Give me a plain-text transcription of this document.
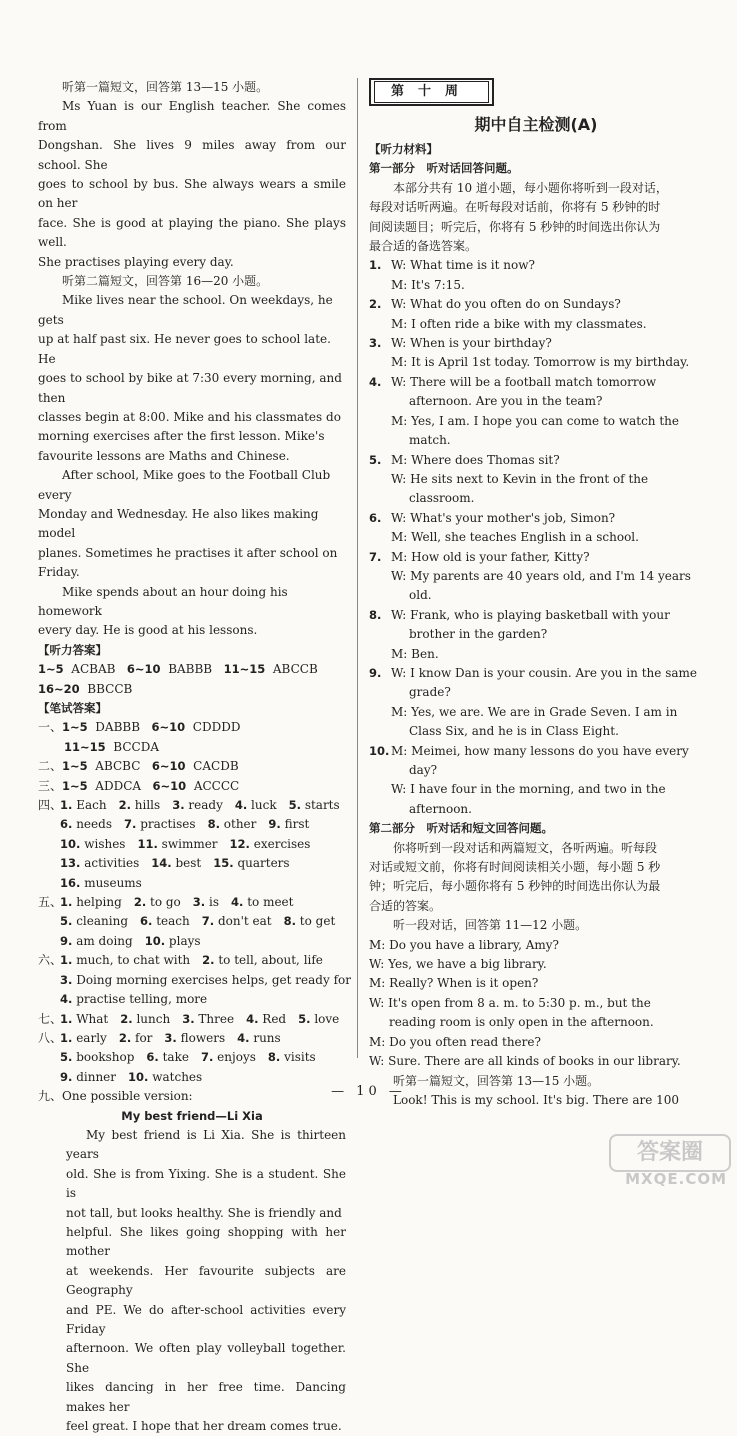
听第一篇短文，回答第 13—15 小题。

Ms Yuan is our English teacher. She comes from

Dongshan. She lives 9 miles away from our school. She

goes to school by bus. She always wears a smile on her

face. She is good at playing the piano. She plays well.

She practises playing every day.

听第二篇短文，回答第 16—20 小题。

Mike lives near the school. On weekdays, he gets

up at half past six. He never goes to school late. He

goes to school by bike at 7:30 every morning, and then

classes begin at 8:00. Mike and his classmates do

morning exercises after the first lesson. Mike's

favourite lessons are Maths and Chinese.

After school, Mike goes to the Football Club every

Monday and Wednesday. He also likes making model

planes. Sometimes he practises it after school on Friday.

Mike spends about an hour doing his homework

every day. He is good at his lessons.

【听力答案】

1~5 ACBAB 6~10 BABBB 11~15 ABCCB

16~20 BBCCB

【笔试答案】

一、1~5 DABBB 6~10 CDDDD

11~15 BCCDA

二、1~5 ABCBC 6~10 CACDB

三、1~5 ADDCA 6~10 ACCCC

四、1. Each  2. hills  3. ready  4. luck  5. starts 

6. needs  7. practises  8. other  9. first 

10. wishes  11. swimmer  12. exercises 

13. activities  14. best  15. quarters 

16. museums 

五、1. helping  2. to go  3. is  4. to meet 

5. cleaning  6. teach  7. don't eat  8. to get 

9. am doing  10. plays 

六、1. much, to chat with  2. to tell, about, life 

3. Doing morning exercises helps, get ready for 

4. practise telling, more 

七、1. What  2. lunch  3. Three  4. Red  5. love 

八、1. early  2. for  3. flowers  4. runs 

5. bookshop  6. take  7. enjoys  8. visits 

9. dinner  10. watches 

九、One possible version:

My best friend—Li Xia

My best friend is Li Xia. She is thirteen years

old. She is from Yixing. She is a student. She is

not tall, but looks healthy. She is friendly and

helpful. She likes going shopping with her mother

at weekends. Her favourite subjects are Geography

and PE. We do after-school activities every Friday

afternoon. We often play volleyball together. She

likes dancing in her free time. Dancing makes her

feel great. I hope that her dream comes true.

第十周

期中自主检测(A)

【听力材料】

第一部分　听对话回答问题。

本部分共有 10 道小题，每小题你将听到一段对话，

每段对话听两遍。在听每段对话前，你将有 5 秒钟的时

间阅读题目；听完后，你将有 5 秒钟的时间选出你认为

最合适的备选答案。

1. W: What time is it now?

M: It's 7:15.

2. W: What do you often do on Sundays?

M: I often ride a bike with my classmates.

3. W: When is your birthday?

M: It is April 1st today. Tomorrow is my birthday.

4. W: There will be a football match tomorrow

afternoon. Are you in the team?

M: Yes, I am. I hope you can come to watch the

match.

5. M: Where does Thomas sit?

W: He sits next to Kevin in the front of the

classroom.

6. W: What's your mother's job, Simon?

M: Well, she teaches English in a school.

7. M: How old is your father, Kitty?

W: My parents are 40 years old, and I'm 14 years

old.

8. W: Frank, who is playing basketball with your

brother in the garden?

M: Ben.

9. W: I know Dan is your cousin. Are you in the same

grade?

M: Yes, we are. We are in Grade Seven. I am in

Class Six, and he is in Class Eight.

10. M: Meimei, how many lessons do you have every

day?

W: I have four in the morning, and two in the

afternoon.

第二部分　听对话和短文回答问题。

你将听到一段对话和两篇短文，各听两遍。听每段

对话或短文前，你将有时间阅读相关小题，每小题 5 秒

钟；听完后，每小题你将有 5 秒钟的时间选出你认为最

合适的答案。

听一段对话，回答第 11—12 小题。

M: Do you have a library, Amy?

W: Yes, we have a big library.

M: Really? When is it open?

W: It's open from 8 a. m. to 5:30 p. m., but the

reading room is only open in the afternoon.

M: Do you often read there?

W: Sure. There are all kinds of books in our library.

听第一篇短文，回答第 13—15 小题。

Look! This is my school. It's big. There are 100

— 10 —
答案圈
MXQE.COM
